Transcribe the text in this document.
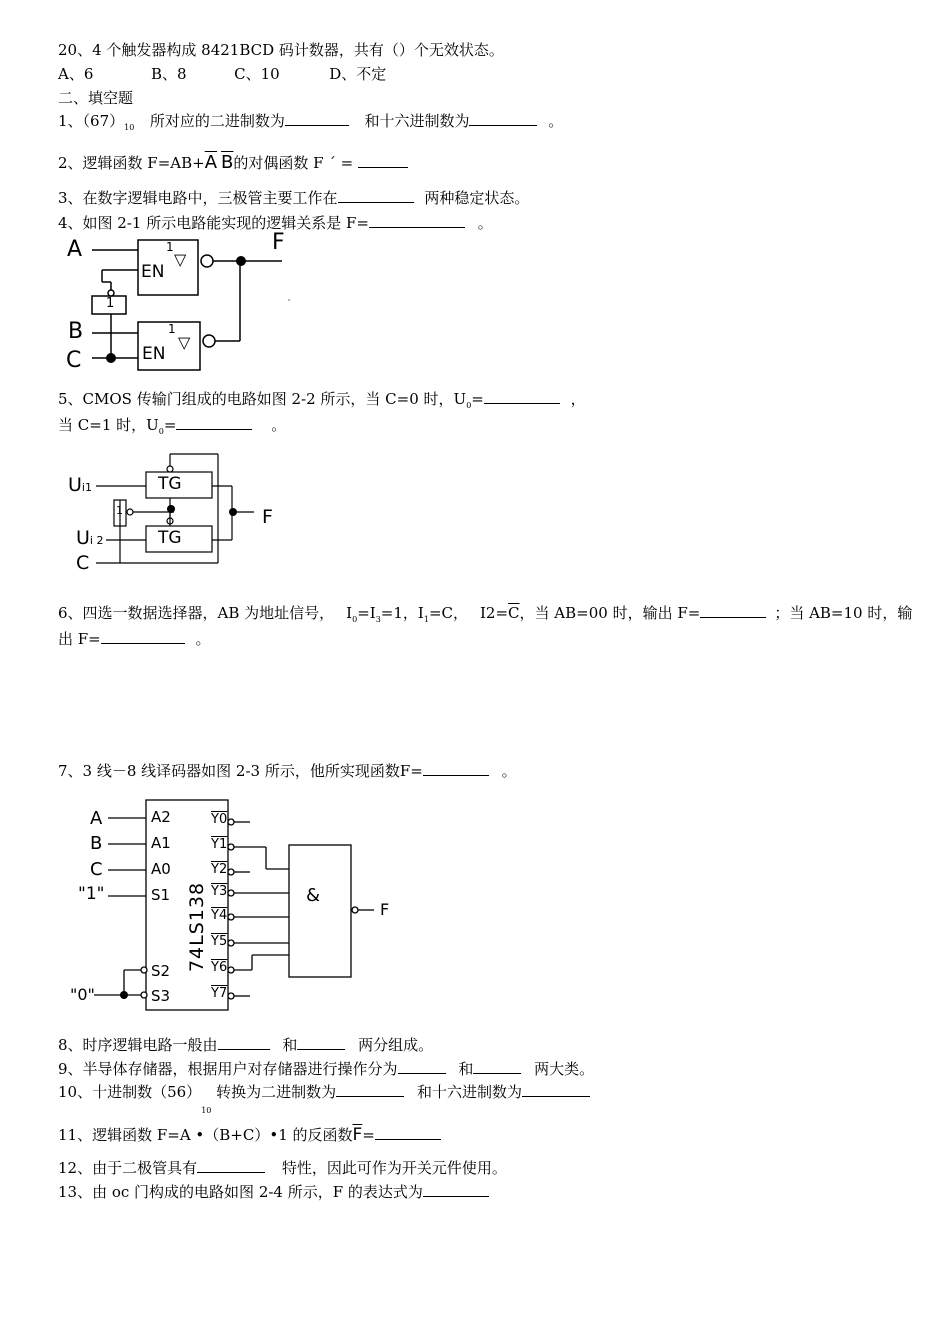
20、4 个触发器构成 8421BCD 码计数器，共有（）个无效状态。
A、6	B、8	C、10	D、不定
二、填空题
1、$(67)_{10}$ 所对应的二进制数为	和十六进制数为	。
2、逻辑函数 $F=AB+\overline{A}$ $\overline{B}$的对偶函数 F ´ =
3、在数字逻辑电路中，三极管主要工作在	两种稳定状态。
4、如图 2-1 所示电路能实现的逻辑关系是 F=	。
A
B
C
F
EN
EN
1
1
▽
▽
1
5、CMOS 传输门组成的电路如图 2-2 所示，当 C=0 时，$U_0=$	，
当 C=1 时，$U_0=$	。
Ui1
Ui 2
C
F
TG
TG
1
6、四选一数据选择器，AB 为地址信号， $I_0=I_3=1$，$I_1=C$， $I2=\overline{C}$，当 AB=00 时，输出 F=	；当 AB=10 时，输
出 F=	。
7、3 线－8 线译码器如图 2-3 所示，他所实现函数F=	。
A
B
C
"1"
"0"
F
&
74LS138
A2
A1
A0
S1
S2
S3
Y0
Y1
Y2
Y3
Y4
Y5
Y6
Y7
8、时序逻辑电路一般由	和	两分组成。
9、半导体存储器，根据用户对存储器进行操作分为	和	两大类。
10、十进制数$(56)_{10}$ 转换为二进制数为	和十六进制数为
11、逻辑函数 F=A •（B+C）•1 的反函数$\overline{F}=$
12、由于二极管具有	特性，因此可作为开关元件使用。
13、由 oc 门构成的电路如图 2-4 所示，F 的表达式为
